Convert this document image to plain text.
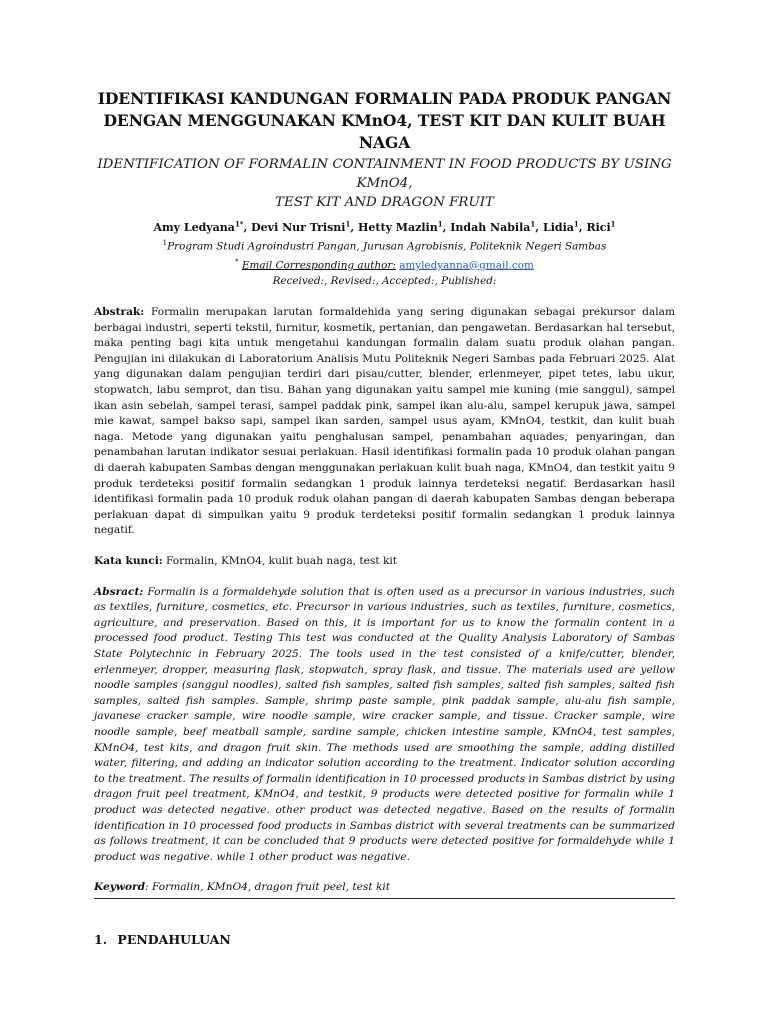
IDENTIFIKASI KANDUNGAN FORMALIN PADA PRODUK PANGAN
DENGAN MENGGUNAKAN KMnO4, TEST KIT DAN KULIT BUAH NAGA
IDENTIFICATION OF FORMALIN CONTAINMENT IN FOOD PRODUCTS BY USING KMnO4,
TEST KIT AND DRAGON FRUIT
Amy Ledyana$^{1*}$, Devi Nur Trisni$^1$, Hetty Mazlin$^1$, Indah Nabila$^1$, Lidia$^1$, Rici$^1$
$^1$Program Studi Agroindustri Pangan, Jurusan Agrobisnis, Politeknik Negeri Sambas
* Email Corresponding author: amyledyanna@gmail.com
Received:, Revised:, Accepted:, Published:
Abstrak: Formalin merupakan larutan formaldehida yang sering digunakan sebagai prekursor dalam berbagai industri, seperti tekstil, furnitur, kosmetik, pertanian, dan pengawetan. Berdasarkan hal tersebut, maka penting bagi kita untuk mengetahui kandungan formalin dalam suatu produk olahan pangan. Pengujian ini dilakukan di Laboratorium Analisis Mutu Politeknik Negeri Sambas pada Februari 2025. Alat yang digunakan dalam pengujian terdiri dari pisau/cutter, blender, erlenmeyer, pipet tetes, labu ukur, stopwatch, labu semprot, dan tisu. Bahan yang digunakan yaitu sampel mie kuning (mie sanggul), sampel ikan asin sebelah, sampel terasi, sampel paddak pink, sampel ikan alu-alu, sampel kerupuk jawa, sampel mie kawat, sampel bakso sapi, sampel ikan sarden, sampel usus ayam, KMnO4, testkit, dan kulit buah naga. Metode yang digunakan yaitu penghalusan sampel, penambahan aquades, penyaringan, dan penambahan larutan indikator sesuai perlakuan. Hasil identifikasi formalin pada 10 produk olahan pangan di daerah kabupaten Sambas dengan menggunakan perlakuan kulit buah naga, KMnO4, dan testkit yaitu 9 produk terdeteksi positif formalin sedangkan 1 produk lainnya terdeteksi negatif. Berdasarkan hasil identifikasi formalin pada 10 produk roduk olahan pangan di daerah kabupaten Sambas dengan beberapa perlakuan dapat di simpulkan yaitu 9 produk terdeteksi positif formalin sedangkan 1 produk lainnya negatif.
Kata kunci: Formalin, KMnO4, kulit buah naga, test kit
Absract: Formalin is a formaldehyde solution that is often used as a precursor in various industries, such as textiles, furniture, cosmetics, etc. Precursor in various industries, such as textiles, furniture, cosmetics, agriculture, and preservation. Based on this, it is important for us to know the formalin content in a processed food product. Testing This test was conducted at the Quality Analysis Laboratory of Sambas State Polytechnic in February 2025. The tools used in the test consisted of a knife/cutter, blender, erlenmeyer, dropper, measuring flask, stopwatch, spray flask, and tissue. The materials used are yellow noodle samples (sanggul noodles), salted fish samples, salted fish samples, salted fish samples, salted fish samples, salted fish samples. Sample, shrimp paste sample, pink paddak sample, alu-alu fish sample, javanese cracker sample, wire noodle sample, wire cracker sample, and tissue. Cracker sample, wire noodle sample, beef meatball sample, sardine sample, chicken intestine sample, KMnO4, test samples, KMnO4, test kits, and dragon fruit skin. The methods used are smoothing the sample, adding distilled water, filtering, and adding an indicator solution according to the treatment. Indicator solution according to the treatment. The results of formalin identification in 10 processed products in Sambas district by using dragon fruit peel treatment, KMnO4, and testkit, 9 products were detected positive for formalin while 1 product was detected negative. other product was detected negative. Based on the results of formalin identification in 10 processed food products in Sambas district with several treatments can be summarized as follows treatment, it can be concluded that 9 products were detected positive for formaldehyde while 1 product was negative. while 1 other product was negative.
Keyword: Formalin, KMnO4, dragon fruit peel, test kit
1. PENDAHULUAN
